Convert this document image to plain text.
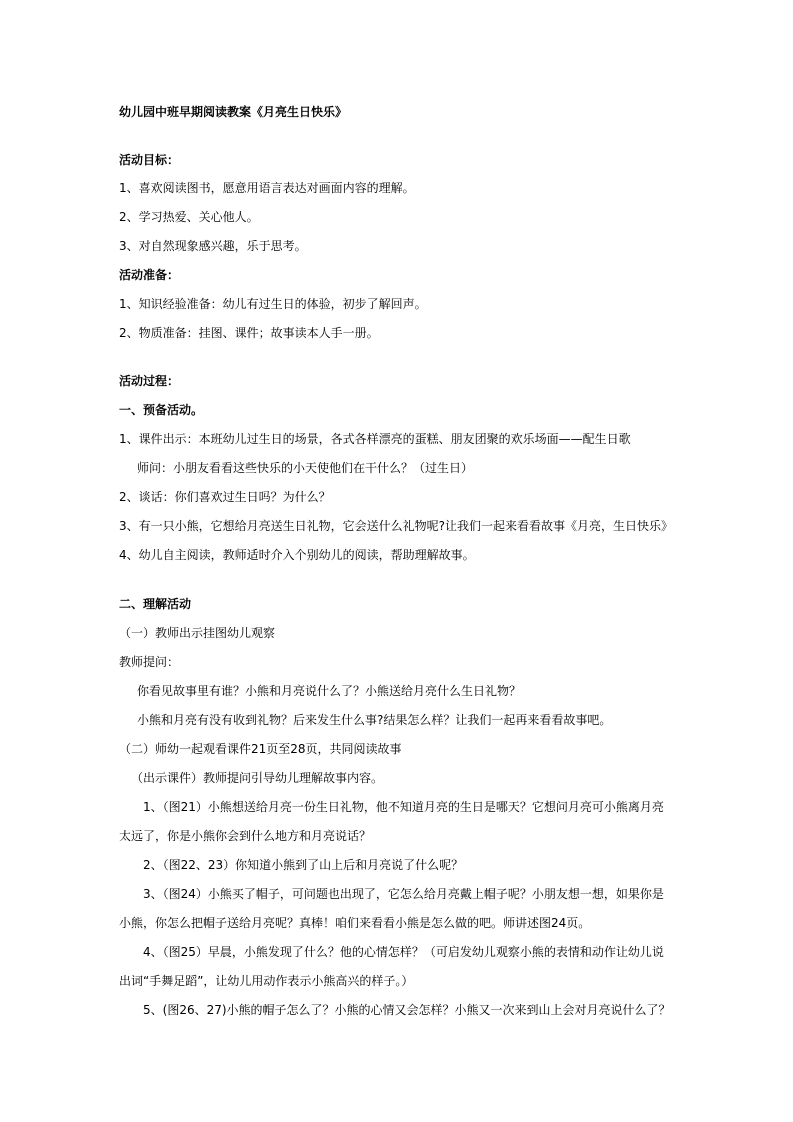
幼儿园中班早期阅读教案《月亮生日快乐》
活动目标：
1、喜欢阅读图书，愿意用语言表达对画面内容的理解。
2、学习热爱、关心他人。
3、对自然现象感兴趣，乐于思考。
活动准备：
1、知识经验准备：幼儿有过生日的体验，初步了解回声。
2、物质准备：挂图、课件；故事读本人手一册。
活动过程：
一、预备活动。
1、课件出示：本班幼儿过生日的场景，各式各样漂亮的蛋糕、朋友团聚的欢乐场面——配生日歌
师问：小朋友看看这些快乐的小天使他们在干什么？（过生日）
2、谈话：你们喜欢过生日吗？为什么？
3、有一只小熊，它想给月亮送生日礼物，它会送什么礼物呢?让我们一起来看看故事《月亮，生日快乐》
4、幼儿自主阅读，教师适时介入个别幼儿的阅读，帮助理解故事。
二、理解活动
（一）教师出示挂图幼儿观察
教师提问：
你看见故事里有谁？小熊和月亮说什么了？小熊送给月亮什么生日礼物？
小熊和月亮有没有收到礼物？后来发生什么事?结果怎么样？让我们一起再来看看故事吧。
（二）师幼一起观看课件21页至28页，共同阅读故事
（出示课件）教师提问引导幼儿理解故事内容。
1、（图21）小熊想送给月亮一份生日礼物，他不知道月亮的生日是哪天？它想问月亮可小熊离月亮
太远了，你是小熊你会到什么地方和月亮说话？
2、（图22、23）你知道小熊到了山上后和月亮说了什么呢？
3、（图24）小熊买了帽子，可问题也出现了，它怎么给月亮戴上帽子呢？小朋友想一想，如果你是
小熊，你怎么把帽子送给月亮呢？真棒！咱们来看看小熊是怎么做的吧。师讲述图24页。
4、（图25）早晨，小熊发现了什么？他的心情怎样？（可启发幼儿观察小熊的表情和动作让幼儿说
出词“手舞足蹈”，让幼儿用动作表示小熊高兴的样子。）
5、(图26、27)小熊的帽子怎么了？小熊的心情又会怎样？小熊又一次来到山上会对月亮说什么了？
